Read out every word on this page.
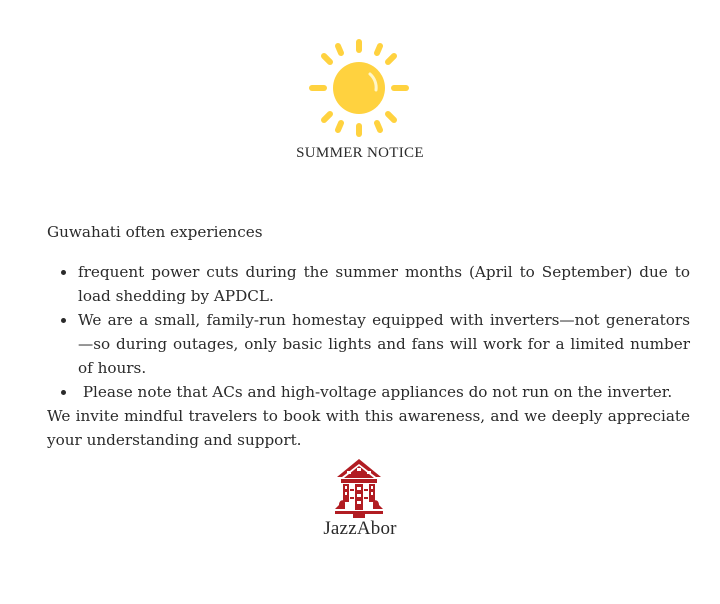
SUMMER NOTICE

Guwahati often experiences

frequent power cuts during the summer months (April to September) due to load shedding by APDCL.
We are a small, family-run homestay equipped with inverters—not generators—so during outages, only basic lights and fans will work for a limited number of hours.
Please note that ACs and high-voltage appliances do not run on the inverter.

We invite mindful travelers to book with this awareness, and we deeply appreciate your understanding and support.

JazzAbor
